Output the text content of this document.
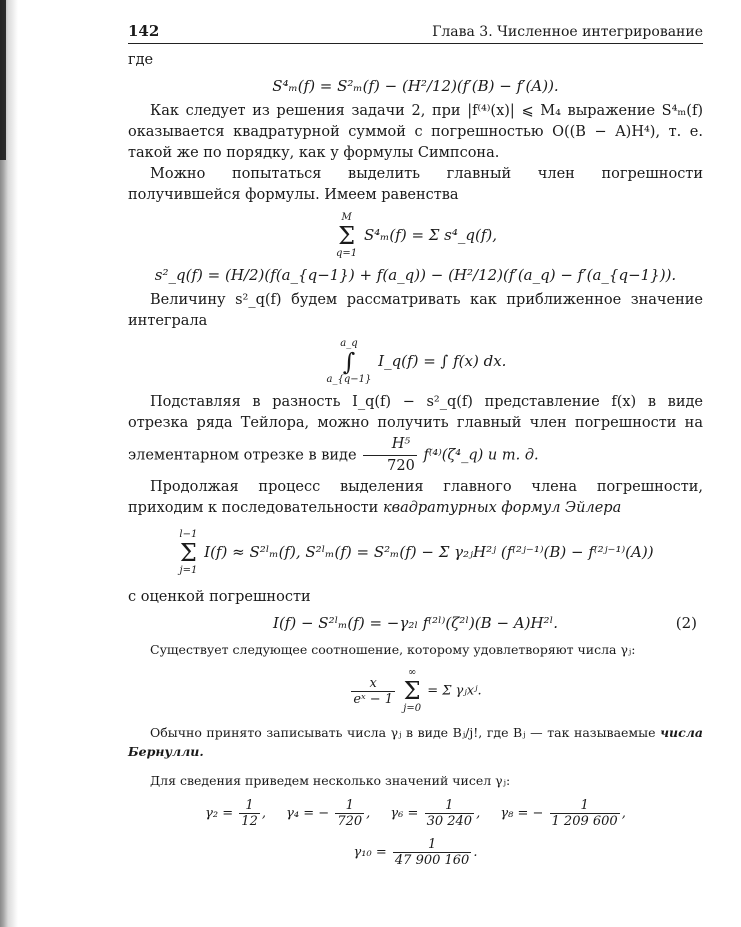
142	Глава 3. Численное интегрирование

где

S⁴ₘ(f) = S²ₘ(f) − (H²/12)(f′(B) − f′(A)).

Как следует из решения задачи 2, при |f⁽⁴⁾(x)| ⩽ M₄ выражение S⁴ₘ(f) оказывается квадратурной суммой с погрешностью O((B − A)H⁴), т. е. такой же по порядку, как у формулы Симпсона.

Можно попытаться выделить главный член погрешности получившейся формулы. Имеем равенства

M
Σ
q=1
S⁴ₘ(f) = Σ s⁴_q(f),
s²_q(f) = (H/2)(f(a_{q−1}) + f(a_q)) − (H²/12)(f′(a_q) − f′(a_{q−1})).

Величину s²_q(f) будем рассматривать как приближенное значение интеграла

a_q
∫
a_{q−1}
I_q(f) = ∫ f(x) dx.

Подставляя в разность I_q(f) − s²_q(f) представление f(x) в виде отрезка ряда Тейлора, можно получить главный член погрешности на элементарном отрезке в виде $\frac{\text{H⁵}}{720}$ f⁽⁴⁾(ζ⁴_q) и т. д.

Продолжая процесс выделения главного члена погрешности, приходим к последовательности квадратурных формул Эйлера

l−1
Σ
j=1
I(f) ≈ S²ˡₘ(f), S²ˡₘ(f) = S²ₘ(f) − Σ γ₂ⱼH²ʲ (f⁽²ʲ⁻¹⁾(B) − f⁽²ʲ⁻¹⁾(A))

с оценкой погрешности

I(f) − S²ˡₘ(f) = −γ₂ₗ f⁽²ˡ⁾(ζ²ˡ)(B − A)H²ˡ.	(2)

Существует следующее соотношение, которому удовлетворяют числа γⱼ:

$\frac{x}{\text{eˣ − 1}}$

∞
Σ
j=0
= Σ γⱼxʲ.

Обычно принято записывать числа γⱼ в виде Bⱼ/j!, где Bⱼ — так называемые числа Бернулли.

Для сведения приведем несколько значений чисел γⱼ:

$\gamma_2 = \frac{1}{12}$ , γ₄ = − $\frac{1}{720}$ , $\gamma_6 = \frac{1}{30 240}$ , γ₈ = − $\frac{1}{1 209 600}$ ,
$\gamma_{10} = \frac{1}{47 900 160}$ .
